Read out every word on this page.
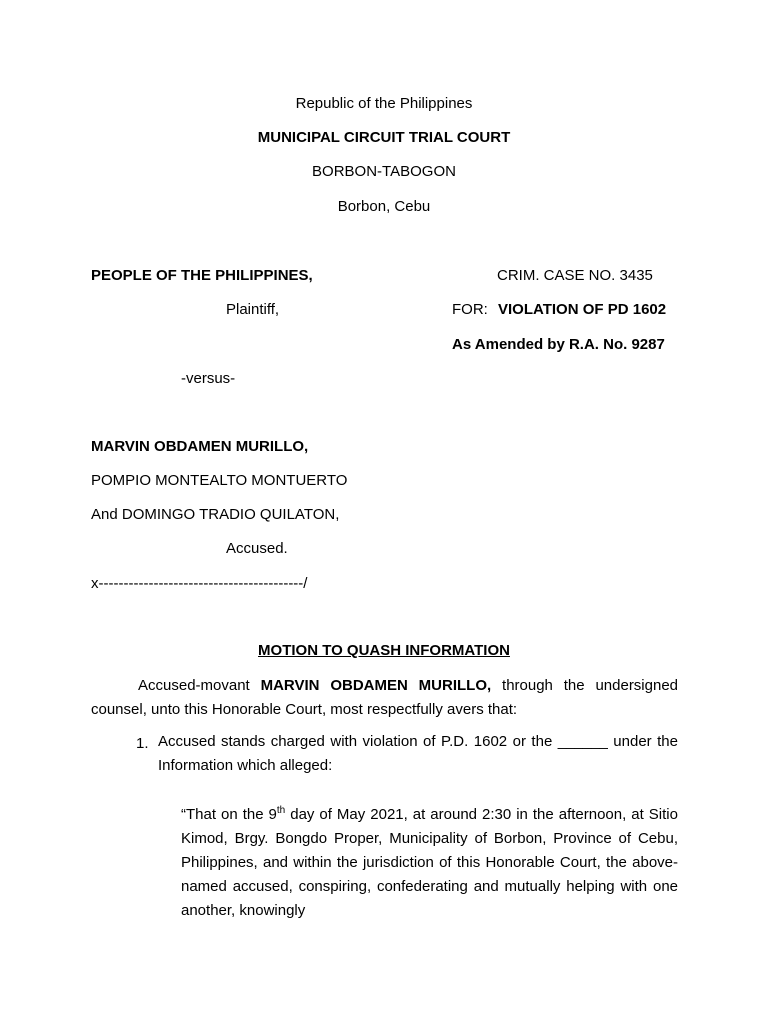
Republic of the Philippines
MUNICIPAL CIRCUIT TRIAL COURT
BORBON-TABOGON
Borbon, Cebu
PEOPLE OF THE PHILIPPINES,
Plaintiff,
-versus-
MARVIN OBDAMEN MURILLO,
POMPIO MONTEALTO MONTUERTO
And DOMINGO TRADIO QUILATON,
Accused.
x-----------------------------------------/
CRIM. CASE NO. 3435
FOR: VIOLATION OF PD 1602
As Amended by R.A. No. 9287
MOTION TO QUASH INFORMATION
Accused-movant MARVIN OBDAMEN MURILLO, through the undersigned counsel, unto this Honorable Court, most respectfully avers that:
1. Accused stands charged with violation of P.D. 1602 or the ______ under the Information which alleged:
“That on the 9th day of May 2021, at around 2:30 in the afternoon, at Sitio Kimod, Brgy. Bongdo Proper, Municipality of Borbon, Province of Cebu, Philippines, and within the jurisdiction of this Honorable Court, the above-named accused, conspiring, confederating and mutually helping with one another, knowingly
